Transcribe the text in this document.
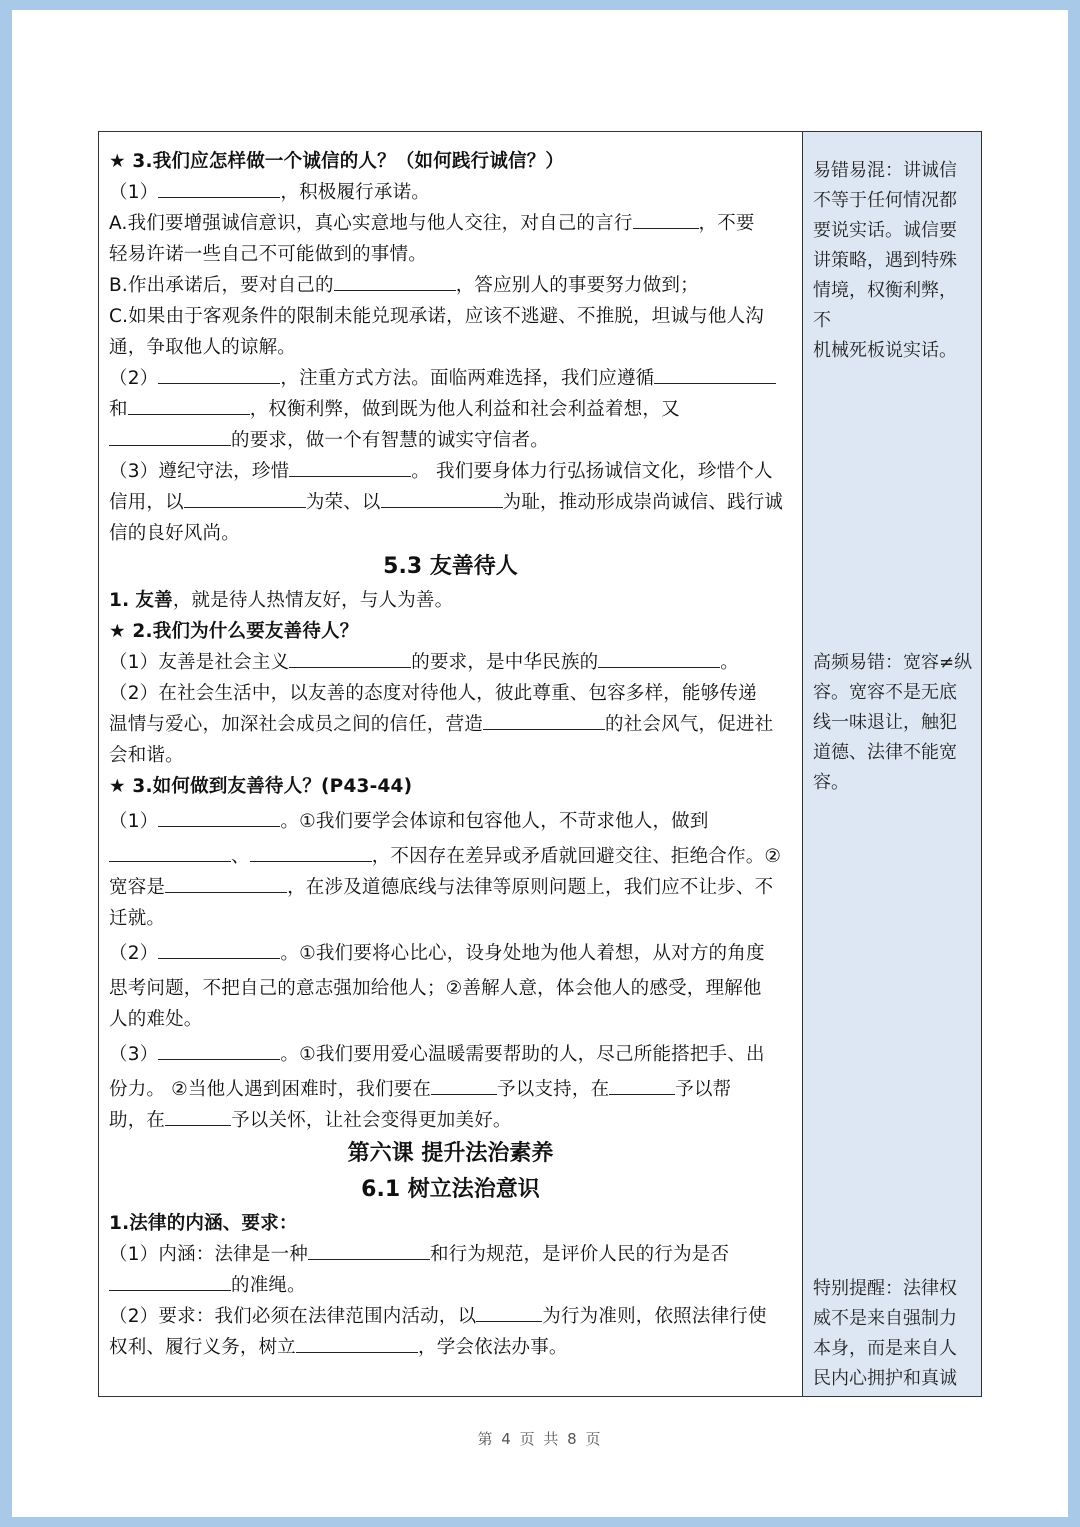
★ 3.我们应怎样做一个诚信的人？（如何践行诚信？）
（1）	，积极履行承诺。
A.我们要增强诚信意识，真心实意地与他人交往，对自己的言行	，不要
轻易许诺一些自己不可能做到的事情。
B.作出承诺后，要对自己的	，答应别人的事要努力做到；
C.如果由于客观条件的限制未能兑现承诺，应该不逃避、不推脱，坦诚与他人沟
通，争取他人的谅解。
（2）	，注重方式方法。面临两难选择，我们应遵循
和	，权衡利弊，做到既为他人利益和社会利益着想，又
的要求，做一个有智慧的诚实守信者。
（3）遵纪守法，珍惜	。 我们要身体力行弘扬诚信文化，珍惜个人
信用，以	为荣、以	为耻，推动形成崇尚诚信、践行诚
信的良好风尚。
5.3 友善待人
1. 友善，就是待人热情友好，与人为善。
★ 2.我们为什么要友善待人？
（1）友善是社会主义	的要求，是中华民族的	。
（2）在社会生活中，以友善的态度对待他人，彼此尊重、包容多样，能够传递
温情与爱心，加深社会成员之间的信任，营造	的社会风气，促进社
会和谐。
★ 3.如何做到友善待人？(P43-44)
（1）	。①我们要学会体谅和包容他人，不苛求他人，做到
、	，不因存在差异或矛盾就回避交往、拒绝合作。②
宽容是	，在涉及道德底线与法律等原则问题上，我们应不让步、不
迁就。
（2）	。①我们要将心比心，设身处地为他人着想，从对方的角度
思考问题，不把自己的意志强加给他人；②善解人意，体会他人的感受，理解他
人的难处。
（3）	。①我们要用爱心温暖需要帮助的人，尽己所能搭把手、出
份力。 ②当他人遇到困难时，我们要在	予以支持，在	予以帮
助，在	予以关怀，让社会变得更加美好。
第六课 提升法治素养
6.1 树立法治意识
1.法律的内涵、要求：
（1）内涵：法律是一种	和行为规范，是评价人民的行为是否
的准绳。
（2）要求：我们必须在法律范围内活动，以	为行为准则，依照法律行使
权利、履行义务，树立	，学会依法办事。
易错易混：讲诚信
不等于任何情况都
要说实话。诚信要
讲策略，遇到特殊
情境，权衡利弊，不
机械死板说实话。
高频易错：宽容≠纵
容。宽容不是无底
线一味退让，触犯
道德、法律不能宽
容。
特别提醒：法律权
威不是来自强制力
本身，而是来自人
民内心拥护和真诚
第 4 页 共 8 页
